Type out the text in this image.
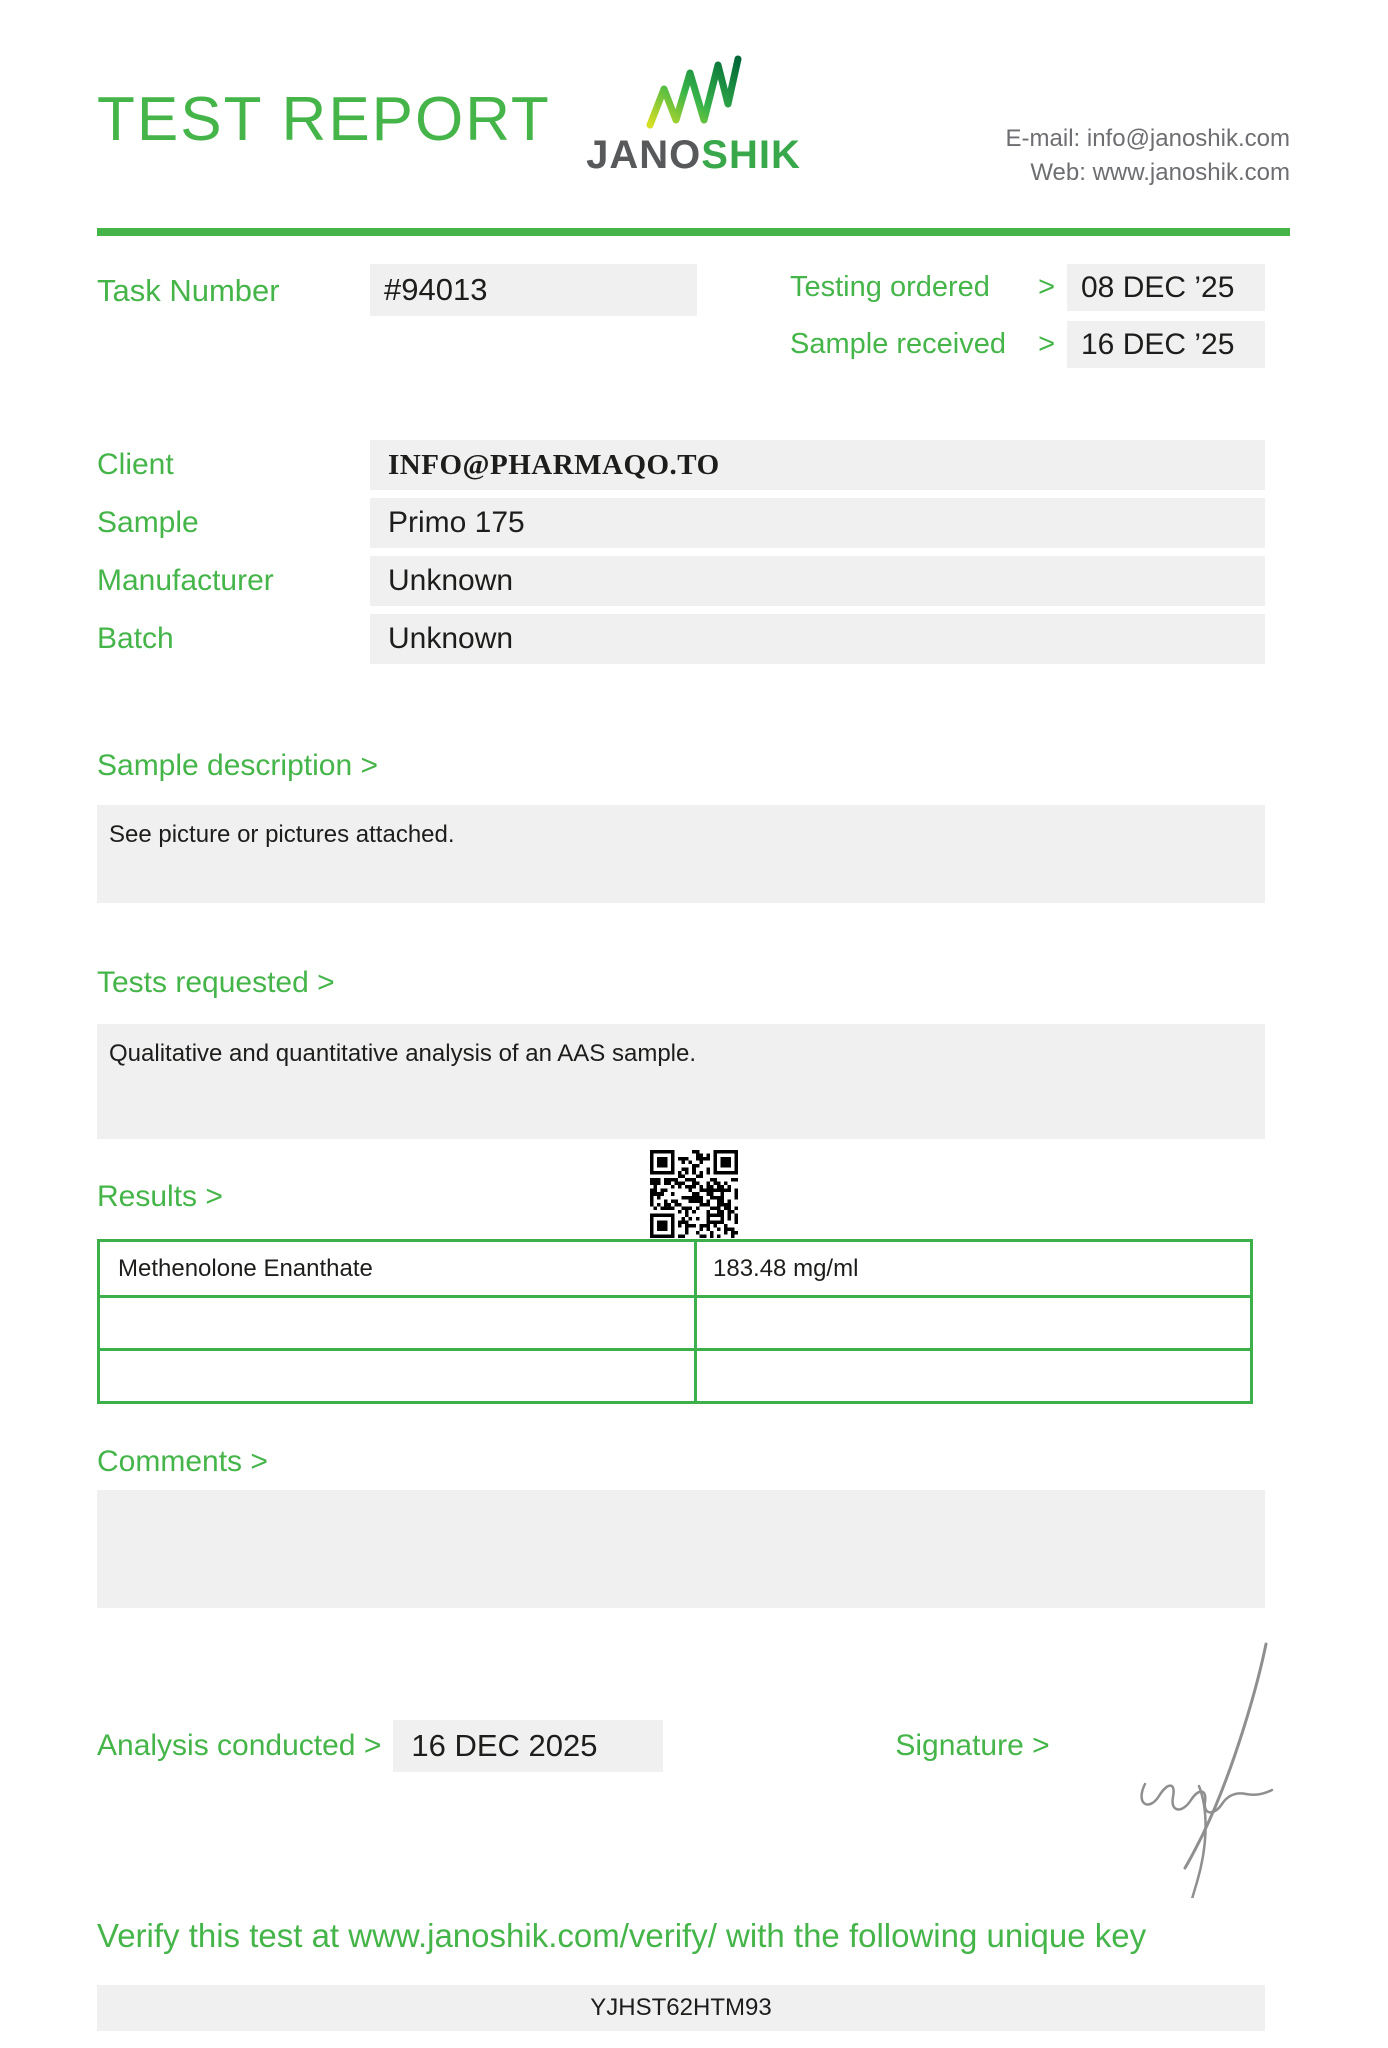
TEST REPORT
JANOSHIK	E-mail: info@janoshik.com
Web: www.janoshik.com
Task Number	#94013	Testing ordered > 08 DEC ’25
Sample received > 16 DEC ’25
Client	INFO@PHARMAQO.TO
Sample	Primo 175
Manufacturer	Unknown
Batch	Unknown
Sample description >
See picture or pictures attached.
Tests requested >
Qualitative and quantitative analysis of an AAS sample.
Results >
Methenolone Enanthate	183.48 mg/ml
Comments >
Analysis conducted > 16 DEC 2025	Signature >
Verify this test at www.janoshik.com/verify/ with the following unique key
YJHST62HTM93
